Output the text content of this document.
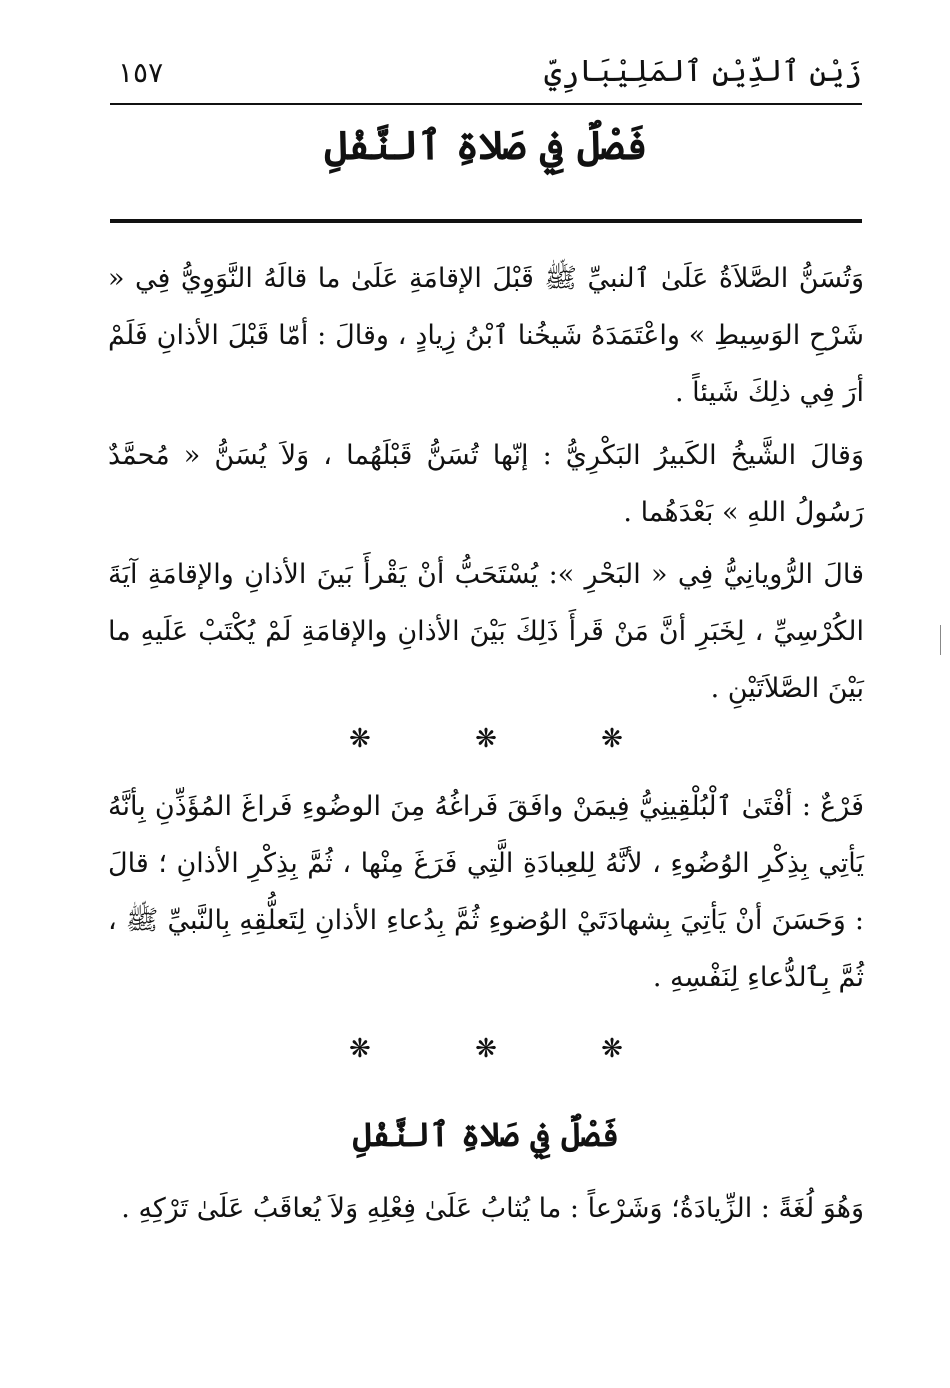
١٥٧	زَيْن ٱلدِّيْنِ ٱلمَلِيْبَارِيّ
فَصْلٌ فِي صَلاةِ ٱلنَّفْلِ

وَتُسَنُّ الصَّلاَةُ عَلَىٰ ٱلنبيِّ ﷺ قَبْلَ الإقامَةِ عَلَىٰ ما قالَهُ النَّوَوِيُّ فِي « شَرْحِ الوَسِيطِ » واعْتَمَدَهُ شَيخُنا ٱبْنُ زِيادٍ ، وقالَ : أمّا قَبْلَ الأذانِ فَلَمْ أرَ فِي ذلِكَ شَيئاً .

وَقالَ الشَّيخُ الكَبيرُ البَكْرِيُّ : إنّها تُسَنُّ قَبْلَهُما ، وَلاَ يُسَنُّ « مُحمَّدٌ رَسُولُ اللهِ » بَعْدَهُما .

قالَ الرُّويانِيُّ فِي « البَحْرِ »: يُسْتَحَبُّ أنْ يَقْرأَ بَينَ الأذانِ والإقامَةِ آيَةَ الكُرْسِيِّ ، لِخَبَرِ أنَّ مَنْ قَرأَ ذَلِكَ بَيْنَ الأذانِ والإقامَةِ لَمْ يُكْتَبْ عَلَيهِ ما بَيْنَ الصَّلاَتَيْنِ .

❋ ❋ ❋

فَرْعٌ : أفْتَىٰ ٱلْبُلْقِينِيُّ فِيمَنْ وافَقَ فَراغُهُ مِنَ الوضُوءِ فَراغَ المُؤَذِّنِ بِأنَّهُ يَأتِي بِذِكْرِ الوُضُوءِ ، لأنَّهُ لِلعِبادَةِ الَّتِي فَرَغَ مِنْها ، ثُمَّ بِذِكْرِ الأذانِ ؛ قالَ : وَحَسَنَ أنْ يَأتِيَ بِشهادَتَيْ الوُضوءِ ثُمَّ بِدُعاءِ الأذانِ لِتَعلُّقِهِ بِالنَّبيِّ ﷺ ، ثُمَّ بِٱلدُّعاءِ لِنَفْسِهِ .

❋ ❋ ❋
فَصْلٌ فِي صَلاةِ ٱلنَّفْلِ

وَهُوَ لُغَةً : الزِّيادَةُ؛ وَشَرْعاً : ما يُثابُ عَلَىٰ فِعْلِهِ وَلاَ يُعاقَبُ عَلَىٰ تَرْكِهِ .
